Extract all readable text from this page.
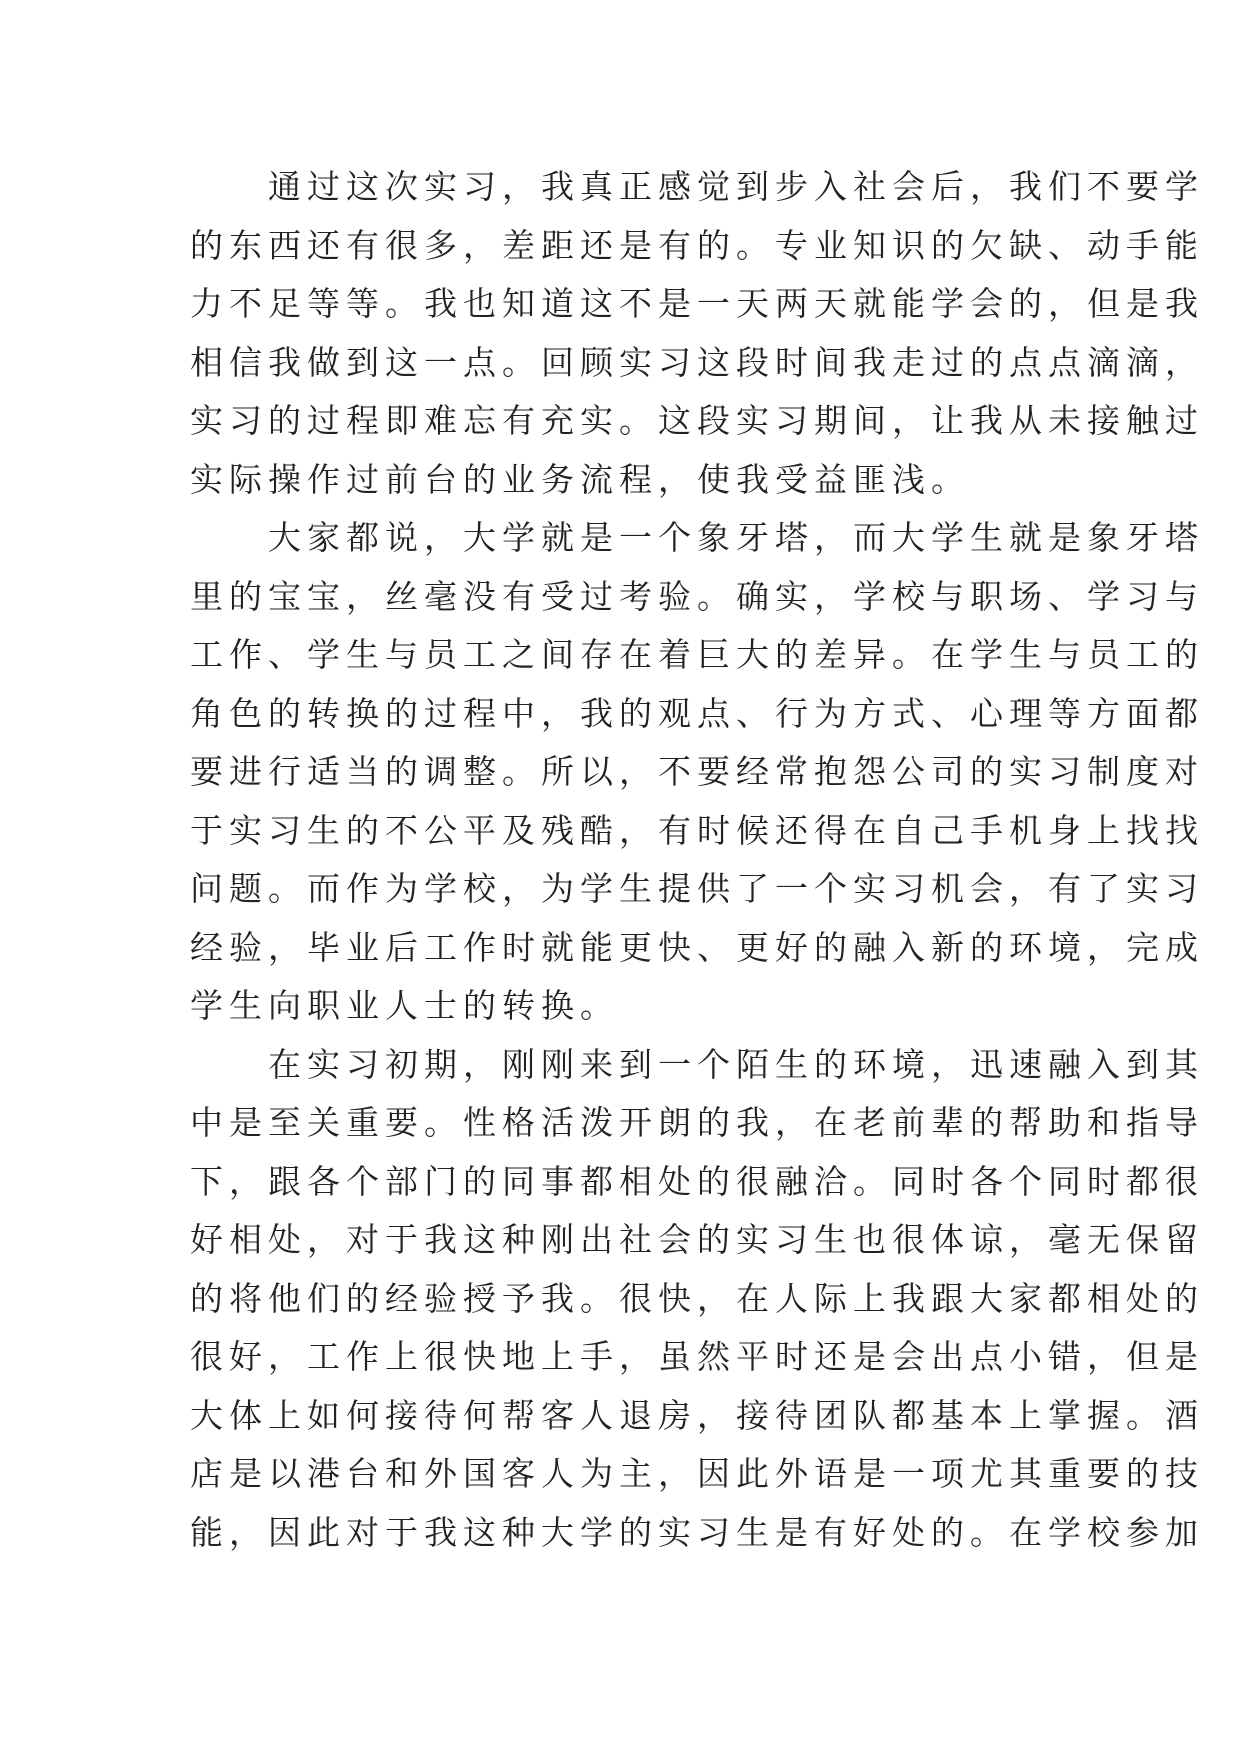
　　通过这次实习，我真正感觉到步入社会后，我们不要学
的东西还有很多，差距还是有的。专业知识的欠缺、动手能
力不足等等。我也知道这不是一天两天就能学会的，但是我
相信我做到这一点。回顾实习这段时间我走过的点点滴滴，
实习的过程即难忘有充实。这段实习期间，让我从未接触过
实际操作过前台的业务流程，使我受益匪浅。
　　大家都说，大学就是一个象牙塔，而大学生就是象牙塔
里的宝宝，丝毫没有受过考验。确实，学校与职场、学习与
工作、学生与员工之间存在着巨大的差异。在学生与员工的
角色的转换的过程中，我的观点、行为方式、心理等方面都
要进行适当的调整。所以，不要经常抱怨公司的实习制度对
于实习生的不公平及残酷，有时候还得在自己手机身上找找
问题。而作为学校，为学生提供了一个实习机会，有了实习
经验，毕业后工作时就能更快、更好的融入新的环境，完成
学生向职业人士的转换。
　　在实习初期，刚刚来到一个陌生的环境，迅速融入到其
中是至关重要。性格活泼开朗的我，在老前辈的帮助和指导
下，跟各个部门的同事都相处的很融洽。同时各个同时都很
好相处，对于我这种刚出社会的实习生也很体谅，毫无保留
的将他们的经验授予我。很快，在人际上我跟大家都相处的
很好，工作上很快地上手，虽然平时还是会出点小错，但是
大体上如何接待何帮客人退房，接待团队都基本上掌握。酒
店是以港台和外国客人为主，因此外语是一项尤其重要的技
能，因此对于我这种大学的实习生是有好处的。在学校参加
